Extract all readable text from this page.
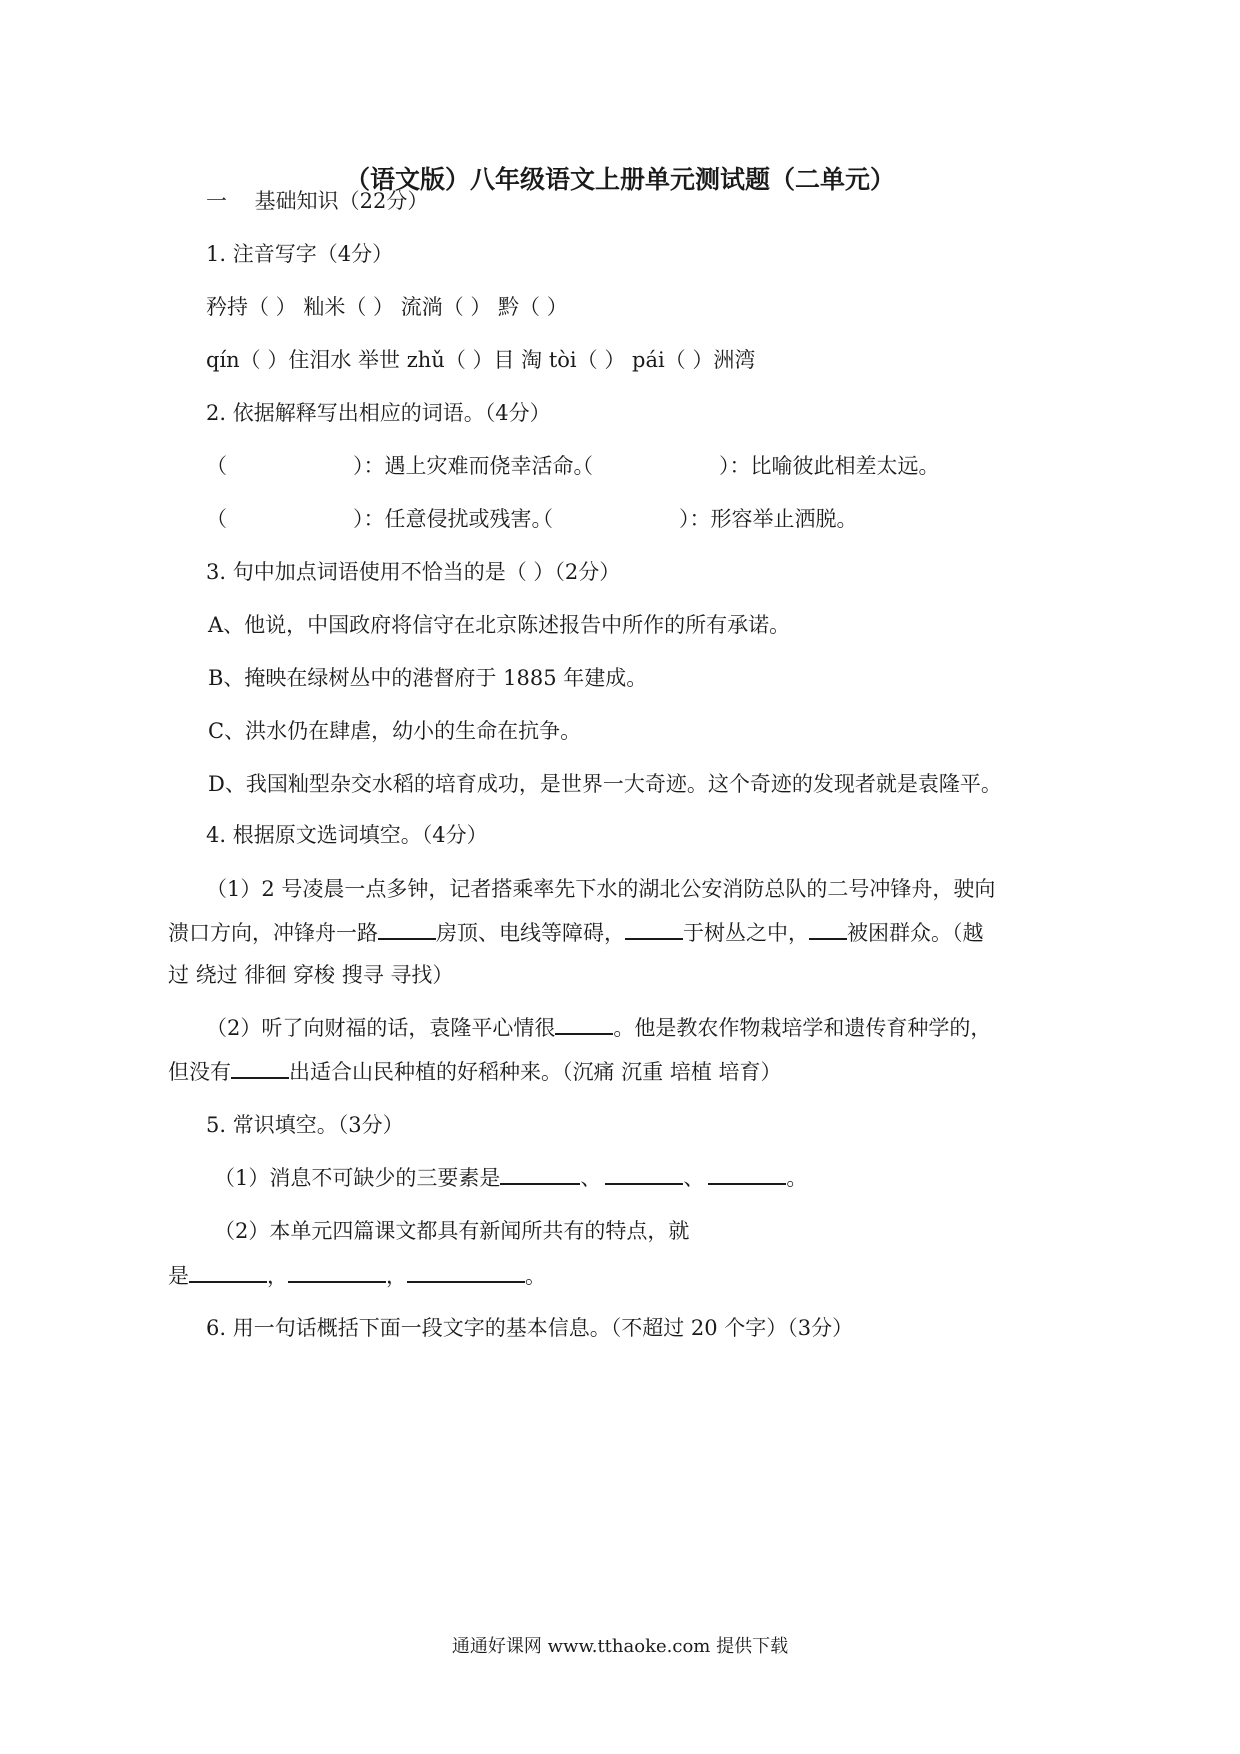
（语文版）八年级语文上册单元测试题（二单元）
一　 基础知识（22分）
1. 注音写字（4分）
矜持（ ） 籼米（ ） 流淌（ ） 黔（ ）
qín（ ）住泪水 举世 zhǔ（ ）目 淘 tòi（ ） pái（ ）洲湾
2. 依据解释写出相应的词语。（4分）
（　　　　　　）：遇上灾难而侥幸活命。
（　　　　　　）：比喻彼此相差太远。
（　　　　　　）：任意侵扰或残害。
（　　　　　　）：形容举止洒脱。
3. 句中加点词语使用不恰当的是（ ）（2分）
A、他说，中国政府将信守在北京陈述报告中所作的所有承诺。
B、掩映在绿树丛中的港督府于 1885 年建成。
C、洪水仍在肆虐，幼小的生命在抗争。
D、我国籼型杂交水稻的培育成功，是世界一大奇迹。这个奇迹的发现者就是袁隆平。
4. 根据原文选词填空。（4分）
（1）2 号凌晨一点多钟，记者搭乘率先下水的湖北公安消防总队的二号冲锋舟，驶向
溃口方向，冲锋舟一路	房顶、电线等障碍，	于树丛之中， 被困群众。（越
过 绕过 徘徊 穿梭 搜寻 寻找）
（2）听了向财福的话，袁隆平心情很	。他是教农作物栽培学和遗传育种学的，
但没有	出适合山民种植的好稻种来。（沉痛 沉重 培植 培育）
5. 常识填空。（3分）
（1）消息不可缺少的三要素是	、	、	。
（2）本单元四篇课文都具有新闻所共有的特点，就
是	，	，	。
6. 用一句话概括下面一段文字的基本信息。（不超过 20 个字）（3分）
通通好课网 www.tthaoke.com 提供下载
